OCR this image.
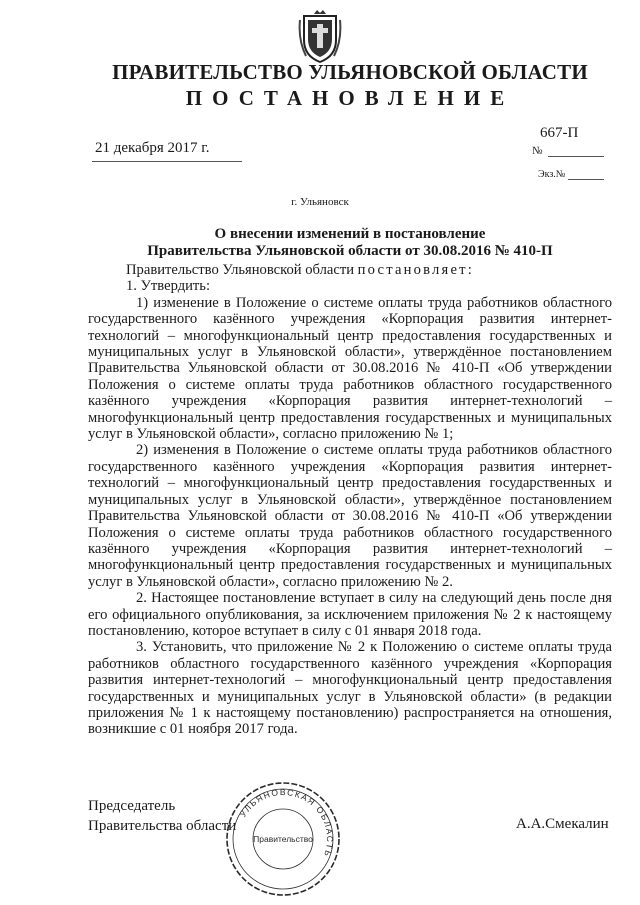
ПРАВИТЕЛЬСТВО УЛЬЯНОВСКОЙ ОБЛАСТИ
ПОСТАНОВЛЕНИЕ
21 декабря 2017 г.
667-П
№
Экз.№
г. Ульяновск
О внесении изменений в постановление
Правительства Ульяновской области от 30.08.2016 № 410-П

Правительство Ульяновской области постановляет:

1. Утвердить:

1) изменение в Положение о системе оплаты труда работников областного государственного казённого учреждения «Корпорация развития интернет-технологий – многофункциональный центр предоставления государственных и муниципальных услуг в Ульяновской области», утверждённое постановлением Правительства Ульяновской области от 30.08.2016 № 410-П «Об утверждении Положения о системе оплаты труда работников областного государственного казённого учреждения «Корпорация развития интернет-технологий – многофункциональный центр предоставления государственных и муниципальных услуг в Ульяновской области», согласно приложению № 1;

2) изменения в Положение о системе оплаты труда работников областного государственного казённого учреждения «Корпорация развития интернет-технологий – многофункциональный центр предоставления государственных и муниципальных услуг в Ульяновской области», утверждённое постановлением Правительства Ульяновской области от 30.08.2016 № 410-П «Об утверждении Положения о системе оплаты труда работников областного государственного казённого учреждения «Корпорация развития интернет-технологий – многофункциональный центр предоставления государственных и муниципальных услуг в Ульяновской области», согласно приложению № 2.

2. Настоящее постановление вступает в силу на следующий день после дня его официального опубликования, за исключением приложения № 2 к настоящему постановлению, которое вступает в силу с 01 января 2018 года.

3. Установить, что приложение № 2 к Положению о системе оплаты труда работников областного государственного казённого учреждения «Корпорация развития интернет-технологий – многофункциональный центр предоставления государственных и муниципальных услуг в Ульяновской области» (в редакции приложения № 1 к настоящему постановлению) распространяется на отношения, возникшие с 01 ноября 2017 года.

Председатель
Правительства области	А.А.Смекалин
УЛЬЯНОВСКАЯ ОБЛАСТЬ
Правительство
